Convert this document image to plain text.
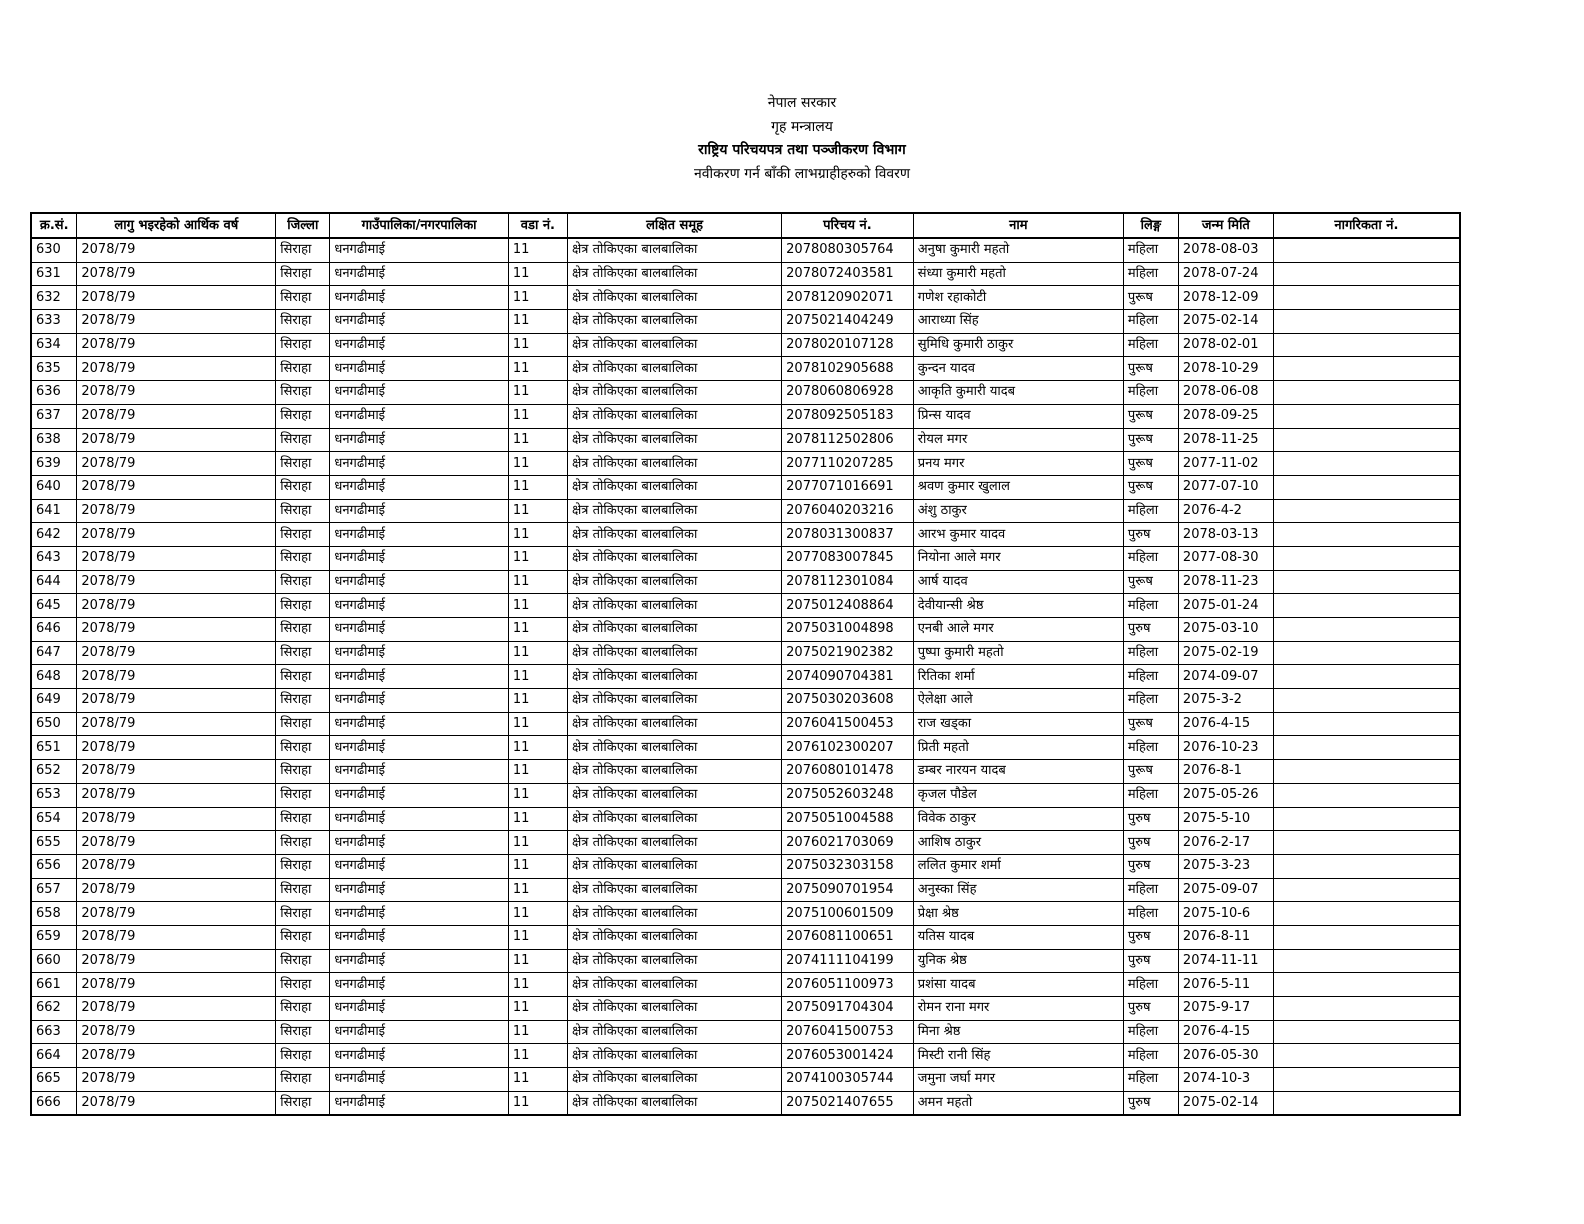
नेपाल सरकार
गृह मन्त्रालय
राष्ट्रिय परिचयपत्र तथा पञ्जीकरण विभाग
नवीकरण गर्न बाँकी लाभग्राहीहरुको विवरण
क्र.सं.	लागु भइरहेको आर्थिक वर्ष	जिल्ला	गाउँपालिका/नगरपालिका	वडा नं.	लक्षित समूह	परिचय नं.	नाम	लिङ्ग	जन्म मिति	नागरिकता नं.
630	2078/79	सिराहा	धनगढीमाई	11	क्षेत्र तोकिएका बालबालिका	2078080305764	अनुषा कुमारी महतो	महिला	2078-08-03	
631	2078/79	सिराहा	धनगढीमाई	11	क्षेत्र तोकिएका बालबालिका	2078072403581	संध्या कुमारी महतो	महिला	2078-07-24	
632	2078/79	सिराहा	धनगढीमाई	11	क्षेत्र तोकिएका बालबालिका	2078120902071	गणेश रहाकोटी	पुरूष	2078-12-09	
633	2078/79	सिराहा	धनगढीमाई	11	क्षेत्र तोकिएका बालबालिका	2075021404249	आराध्या सिंह	महिला	2075-02-14	
634	2078/79	सिराहा	धनगढीमाई	11	क्षेत्र तोकिएका बालबालिका	2078020107128	सुमिधि कुमारी ठाकुर	महिला	2078-02-01	
635	2078/79	सिराहा	धनगढीमाई	11	क्षेत्र तोकिएका बालबालिका	2078102905688	कुन्दन यादव	पुरूष	2078-10-29	
636	2078/79	सिराहा	धनगढीमाई	11	क्षेत्र तोकिएका बालबालिका	2078060806928	आकृति कुमारी यादब	महिला	2078-06-08	
637	2078/79	सिराहा	धनगढीमाई	11	क्षेत्र तोकिएका बालबालिका	2078092505183	प्रिन्स यादव	पुरूष	2078-09-25	
638	2078/79	सिराहा	धनगढीमाई	11	क्षेत्र तोकिएका बालबालिका	2078112502806	रोयल मगर	पुरूष	2078-11-25	
639	2078/79	सिराहा	धनगढीमाई	11	क्षेत्र तोकिएका बालबालिका	2077110207285	प्रनय मगर	पुरूष	2077-11-02	
640	2078/79	सिराहा	धनगढीमाई	11	क्षेत्र तोकिएका बालबालिका	2077071016691	श्रवण कुमार खुलाल	पुरूष	2077-07-10	
641	2078/79	सिराहा	धनगढीमाई	11	क्षेत्र तोकिएका बालबालिका	2076040203216	अंशु ठाकुर	महिला	2076-4-2	
642	2078/79	सिराहा	धनगढीमाई	11	क्षेत्र तोकिएका बालबालिका	2078031300837	आरभ कुमार यादव	पुरुष	2078-03-13	
643	2078/79	सिराहा	धनगढीमाई	11	क्षेत्र तोकिएका बालबालिका	2077083007845	नियोना आले मगर	महिला	2077-08-30	
644	2078/79	सिराहा	धनगढीमाई	11	क्षेत्र तोकिएका बालबालिका	2078112301084	आर्ष यादव	पुरूष	2078-11-23	
645	2078/79	सिराहा	धनगढीमाई	11	क्षेत्र तोकिएका बालबालिका	2075012408864	देवीयान्सी श्रेष्ठ	महिला	2075-01-24	
646	2078/79	सिराहा	धनगढीमाई	11	क्षेत्र तोकिएका बालबालिका	2075031004898	एनबी आले मगर	पुरुष	2075-03-10	
647	2078/79	सिराहा	धनगढीमाई	11	क्षेत्र तोकिएका बालबालिका	2075021902382	पुष्पा कुमारी महतो	महिला	2075-02-19	
648	2078/79	सिराहा	धनगढीमाई	11	क्षेत्र तोकिएका बालबालिका	2074090704381	रितिका शर्मा	महिला	2074-09-07	
649	2078/79	सिराहा	धनगढीमाई	11	क्षेत्र तोकिएका बालबालिका	2075030203608	ऐलेक्षा आले	महिला	2075-3-2	
650	2078/79	सिराहा	धनगढीमाई	11	क्षेत्र तोकिएका बालबालिका	2076041500453	राज खड्का	पुरूष	2076-4-15	
651	2078/79	सिराहा	धनगढीमाई	11	क्षेत्र तोकिएका बालबालिका	2076102300207	प्रिती महतो	महिला	2076-10-23	
652	2078/79	सिराहा	धनगढीमाई	11	क्षेत्र तोकिएका बालबालिका	2076080101478	डम्बर नारयन यादब	पुरूष	2076-8-1	
653	2078/79	सिराहा	धनगढीमाई	11	क्षेत्र तोकिएका बालबालिका	2075052603248	कृजल पौडेल	महिला	2075-05-26	
654	2078/79	सिराहा	धनगढीमाई	11	क्षेत्र तोकिएका बालबालिका	2075051004588	विवेक ठाकुर	पुरुष	2075-5-10	
655	2078/79	सिराहा	धनगढीमाई	11	क्षेत्र तोकिएका बालबालिका	2076021703069	आशिष ठाकुर	पुरुष	2076-2-17	
656	2078/79	सिराहा	धनगढीमाई	11	क्षेत्र तोकिएका बालबालिका	2075032303158	ललित कुमार शर्मा	पुरुष	2075-3-23	
657	2078/79	सिराहा	धनगढीमाई	11	क्षेत्र तोकिएका बालबालिका	2075090701954	अनुस्का सिंह	महिला	2075-09-07	
658	2078/79	सिराहा	धनगढीमाई	11	क्षेत्र तोकिएका बालबालिका	2075100601509	प्रेक्षा श्रेष्ठ	महिला	2075-10-6	
659	2078/79	सिराहा	धनगढीमाई	11	क्षेत्र तोकिएका बालबालिका	2076081100651	यतिस यादब	पुरुष	2076-8-11	
660	2078/79	सिराहा	धनगढीमाई	11	क्षेत्र तोकिएका बालबालिका	2074111104199	युनिक श्रेष्ठ	पुरुष	2074-11-11	
661	2078/79	सिराहा	धनगढीमाई	11	क्षेत्र तोकिएका बालबालिका	2076051100973	प्रशंसा यादब	महिला	2076-5-11	
662	2078/79	सिराहा	धनगढीमाई	11	क्षेत्र तोकिएका बालबालिका	2075091704304	रोमन राना मगर	पुरुष	2075-9-17	
663	2078/79	सिराहा	धनगढीमाई	11	क्षेत्र तोकिएका बालबालिका	2076041500753	मिना श्रेष्ठ	महिला	2076-4-15	
664	2078/79	सिराहा	धनगढीमाई	11	क्षेत्र तोकिएका बालबालिका	2076053001424	मिस्टी रानी सिंह	महिला	2076-05-30	
665	2078/79	सिराहा	धनगढीमाई	11	क्षेत्र तोकिएका बालबालिका	2074100305744	जमुना जर्घा मगर	महिला	2074-10-3	
666	2078/79	सिराहा	धनगढीमाई	11	क्षेत्र तोकिएका बालबालिका	2075021407655	अमन महतो	पुरुष	2075-02-14	
